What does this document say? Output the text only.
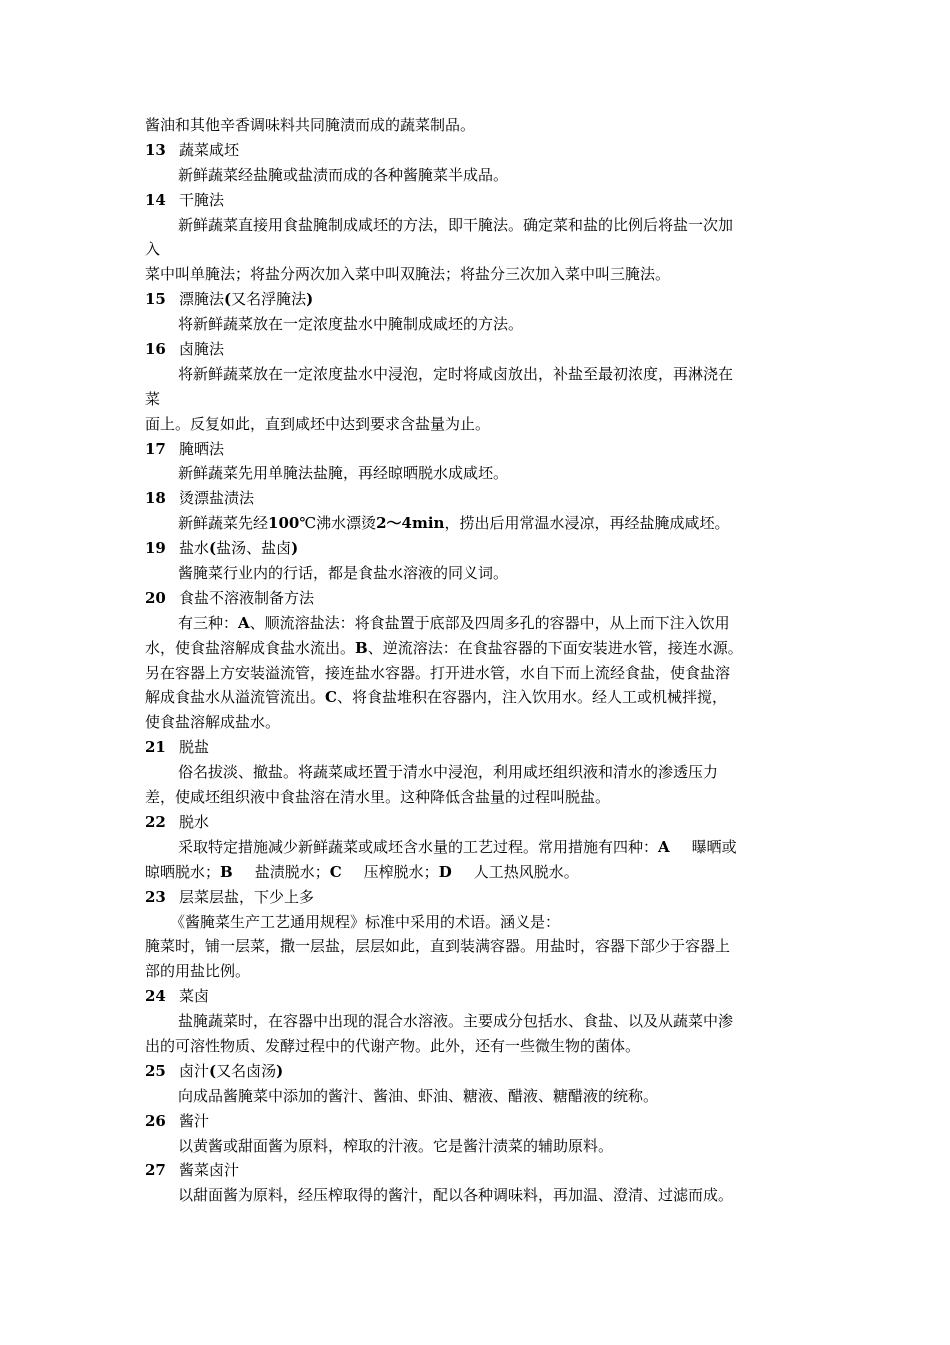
酱油和其他辛香调味料共同腌渍而成的蔬菜制品。
13 蔬菜咸坯
新鲜蔬菜经盐腌或盐渍而成的各种酱腌菜半成品。
14 干腌法
新鲜蔬菜直接用食盐腌制成咸坯的方法，即干腌法。确定菜和盐的比例后将盐一次加
入
菜中叫单腌法；将盐分两次加入菜中叫双腌法；将盐分三次加入菜中叫三腌法。
15 漂腌法(又名浮腌法)
将新鲜蔬菜放在一定浓度盐水中腌制成咸坯的方法。
16 卤腌法
将新鲜蔬菜放在一定浓度盐水中浸泡，定时将咸卤放出，补盐至最初浓度，再淋浇在
菜
面上。反复如此，直到咸坯中达到要求含盐量为止。
17 腌晒法
新鲜蔬菜先用单腌法盐腌，再经晾晒脱水成咸坯。
18 烫漂盐渍法
新鲜蔬菜先经100℃沸水漂烫2～4min，捞出后用常温水浸凉，再经盐腌成咸坯。
19 盐水(盐汤、盐卤)
酱腌菜行业内的行话，都是食盐水溶液的同义词。
20 食盐不溶液制备方法
有三种：A、顺流溶盐法：将食盐置于底部及四周多孔的容器中，从上而下注入饮用
水，使食盐溶解成食盐水流出。B、逆流溶法：在食盐容器的下面安装进水管，接连水源。
另在容器上方安装溢流管，接连盐水容器。打开进水管，水自下而上流经食盐，使食盐溶
解成食盐水从溢流管流出。C、将食盐堆积在容器内，注入饮用水。经人工或机械拌搅，
使食盐溶解成盐水。
21 脱盐
俗名拔淡、撤盐。将蔬菜咸坯置于清水中浸泡，利用咸坯组织液和清水的渗透压力
差，使咸坯组织液中食盐溶在清水里。这种降低含盐量的过程叫脱盐。
22 脱水
采取特定措施减少新鲜蔬菜或咸坯含水量的工艺过程。常用措施有四种：A 曝晒或
晾晒脱水；B 盐渍脱水；C 压榨脱水；D 人工热风脱水。
23 层菜层盐，下少上多
《酱腌菜生产工艺通用规程》标准中采用的术语。涵义是：
腌菜时，铺一层菜，撒一层盐，层层如此，直到装满容器。用盐时，容器下部少于容器上
部的用盐比例。
24 菜卤
盐腌蔬菜时，在容器中出现的混合水溶液。主要成分包括水、食盐、以及从蔬菜中渗
出的可溶性物质、发酵过程中的代谢产物。此外，还有一些微生物的菌体。
25 卤汁(又名卤汤)
向成品酱腌菜中添加的酱汁、酱油、虾油、糖液、醋液、糖醋液的统称。
26 酱汁
以黄酱或甜面酱为原料，榨取的汁液。它是酱汁渍菜的辅助原料。
27 酱菜卤汁
以甜面酱为原料，经压榨取得的酱汁，配以各种调味料，再加温、澄清、过滤而成。
